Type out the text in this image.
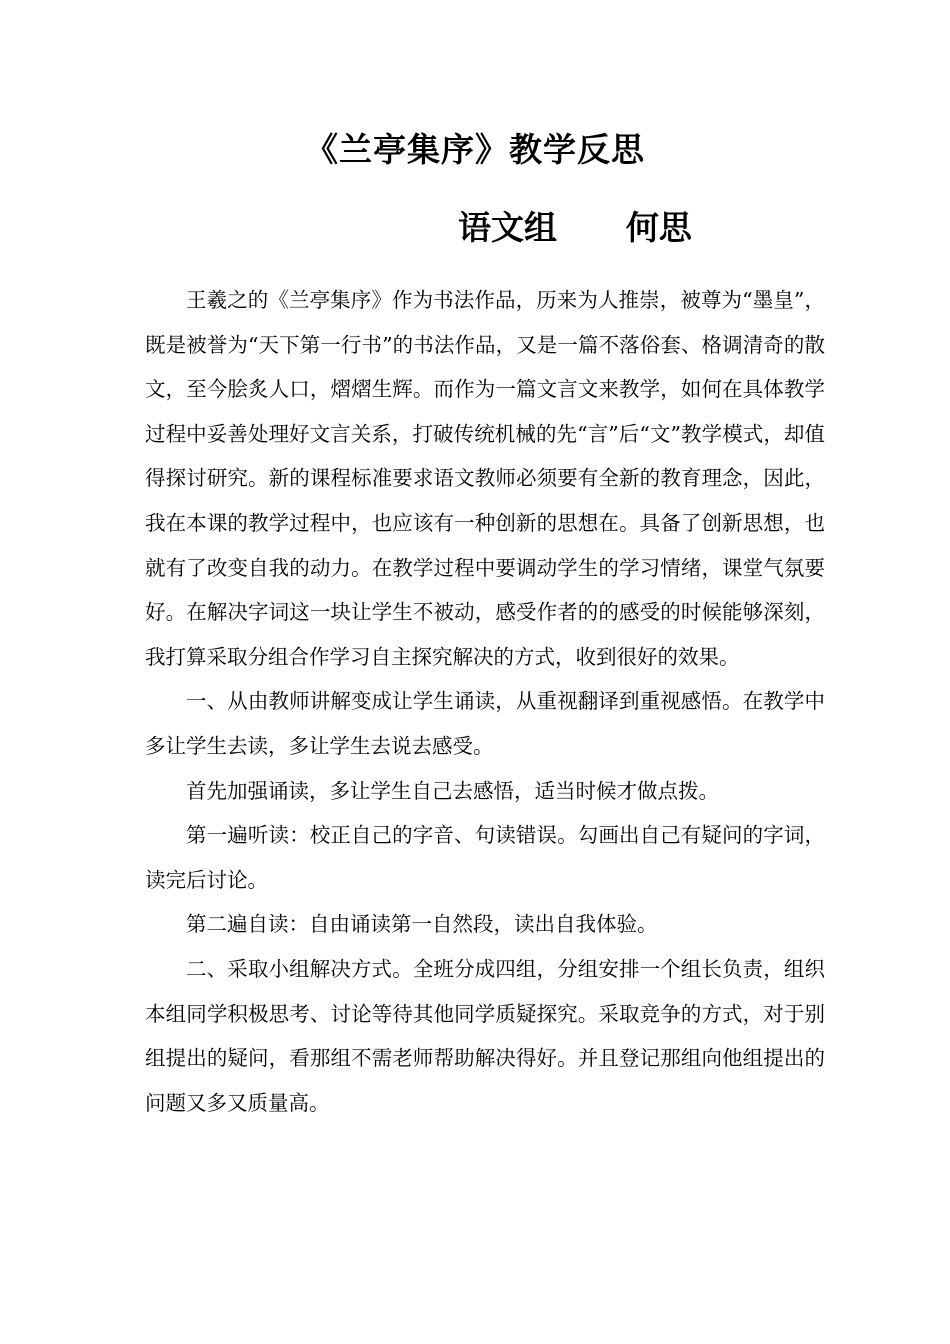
《兰亭集序》教学反思
语文组      何思

王羲之的《兰亭集序》作为书法作品，历来为人推崇，被尊为“墨皇”，既是被誉为“天下第一行书”的书法作品，又是一篇不落俗套、格调清奇的散文，至今脍炙人口，熠熠生辉。而作为一篇文言文来教学，如何在具体教学过程中妥善处理好文言关系，打破传统机械的先“言”后“文”教学模式，却值得探讨研究。新的课程标准要求语文教师必须要有全新的教育理念，因此，我在本课的教学过程中，也应该有一种创新的思想在。具备了创新思想，也就有了改变自我的动力。在教学过程中要调动学生的学习情绪，课堂气氛要好。在解决字词这一块让学生不被动，感受作者的的感受的时候能够深刻，我打算采取分组合作学习自主探究解决的方式，收到很好的效果。

一、从由教师讲解变成让学生诵读，从重视翻译到重视感悟。在教学中多让学生去读，多让学生去说去感受。

首先加强诵读，多让学生自己去感悟，适当时候才做点拨。

第一遍听读：校正自己的字音、句读错误。勾画出自己有疑问的字词，读完后讨论。

第二遍自读：自由诵读第一自然段，读出自我体验。

二、采取小组解决方式。全班分成四组，分组安排一个组长负责，组织本组同学积极思考、讨论等待其他同学质疑探究。采取竞争的方式，对于别组提出的疑问，看那组不需老师帮助解决得好。并且登记那组向他组提出的问题又多又质量高。
